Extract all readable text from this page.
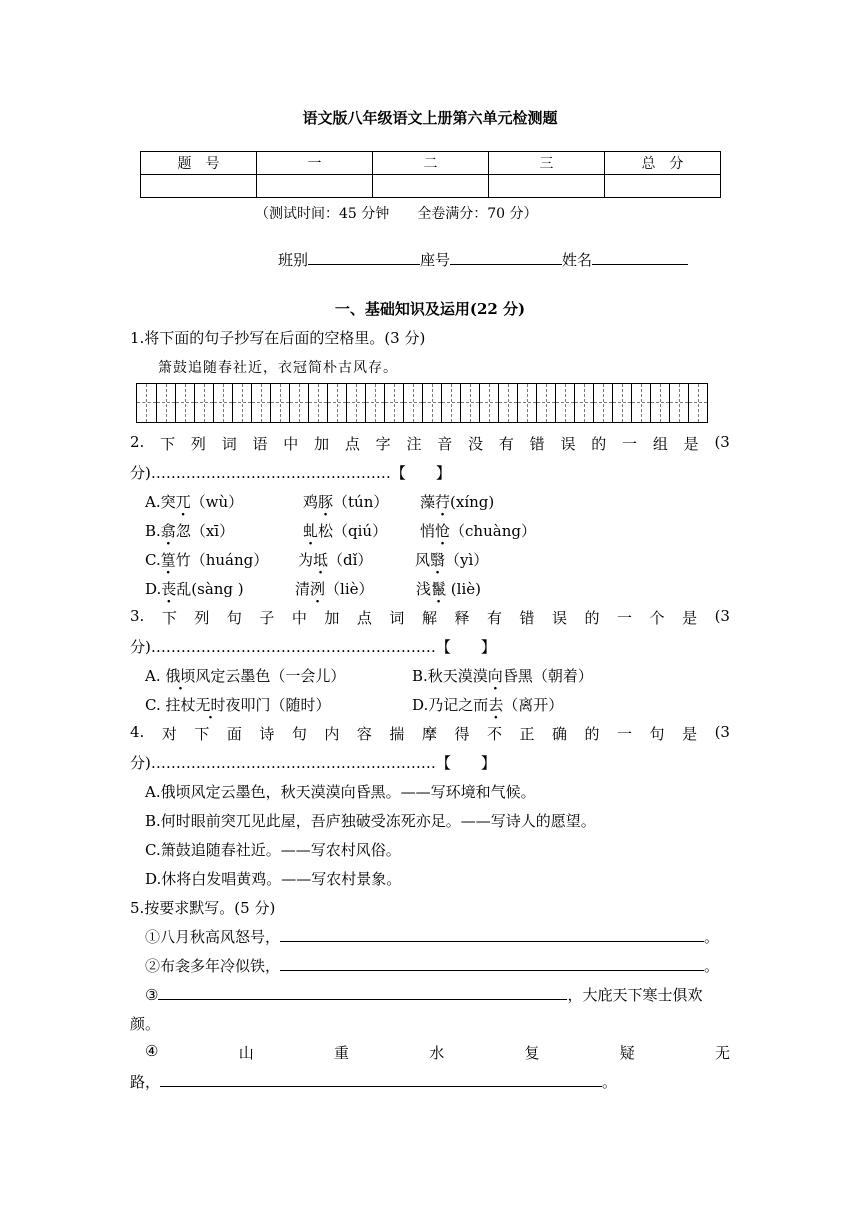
语文版八年级语文上册第六单元检测题
题　号	一	二	三	总　分

（测试时间：45 分钟　　全卷满分：70 分）
班别	座号	姓名
一、基础知识及运用(22 分)
1.将下面的句子抄写在后面的空格里。(3 分)
箫鼓追随春社近，衣冠简朴古风存。
2. 下 列 词 语 中 加 点 字 注 音 没 有 错 误 的 一 组 是 (3
分)…………………………………………【　　】
A.突兀（wù）	鸡豚（tún） 藻荇(xíng)
B.翕忽（xī）	虬松（qiú） 悄怆（chuàng）
C.篁竹（huáng） 为坻（dǐ）	风翳（yì）
D.丧乱(sàng )	清洌（liè）	浅鬣 (liè)
3. 下 列 句 子 中 加 点 词 解 释 有 错 误 的 一 个 是 (3
分)…………………………………………………【　　】
A. 俄顷风定云墨色（一会儿）	B.秋天漠漠向昏黑（朝着）
C. 拄杖无时夜叩门（随时）	D.乃记之而去（离开）
4. 对 下 面 诗 句 内 容 揣 摩 得 不 正 确 的 一 句 是 (3
分)…………………………………………………【　　】
A.俄顷风定云墨色，秋天漠漠向昏黑。——写环境和气候。
B.何时眼前突兀见此屋，吾庐独破受冻死亦足。——写诗人的愿望。
C.箫鼓追随春社近。——写农村风俗。
D.休将白发唱黄鸡。——写农村景象。
5.按要求默写。(5 分)
①八月秋高风怒号，	。
②布衾多年冷似铁，	。
③	，大庇天下寒士俱欢
颜。
④	山	重	水	复	疑	无
路，	。
